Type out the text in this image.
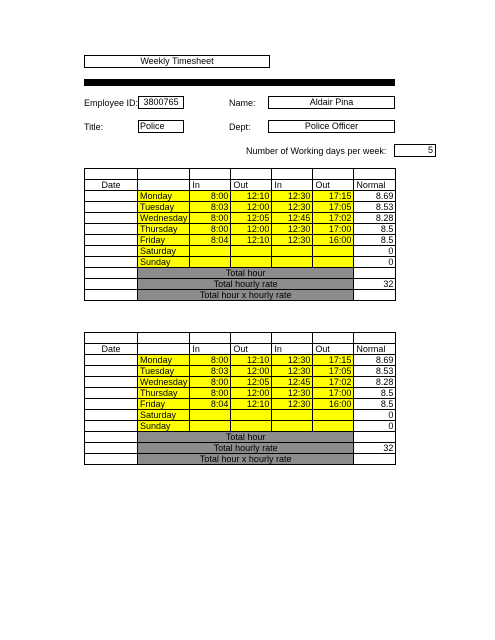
Weekly Timesheet
Employee ID: 3800765	Name:	Aldair Pina
Title:	Police	Dept:	Police Officer
Number of Working days per week:	5

Date		In	Out	In	Out	Normal
	Monday	8:00	12:10	12:30	17:15	8.69
	Tuesday	8:03	12:00	12:30	17:05	8.53
	Wednesday	8:00	12:05	12:45	17:02	8.28
	Thursday	8:00	12:00	12:30	17:00	8.5
	Friday	8:04	12:10	12:30	16:00	8.5
	Saturday					0
	Sunday					0
	Total hour					
	Total hourly rate					32
	Total hour x hourly rate					

Date		In	Out	In	Out	Normal
	Monday	8:00	12:10	12:30	17:15	8.69
	Tuesday	8:03	12:00	12:30	17:05	8.53
	Wednesday	8:00	12:05	12:45	17:02	8.28
	Thursday	8:00	12:00	12:30	17:00	8.5
	Friday	8:04	12:10	12:30	16:00	8.5
	Saturday					0
	Sunday					0
	Total hour					
	Total hourly rate					32
	Total hour x hourly rate					
